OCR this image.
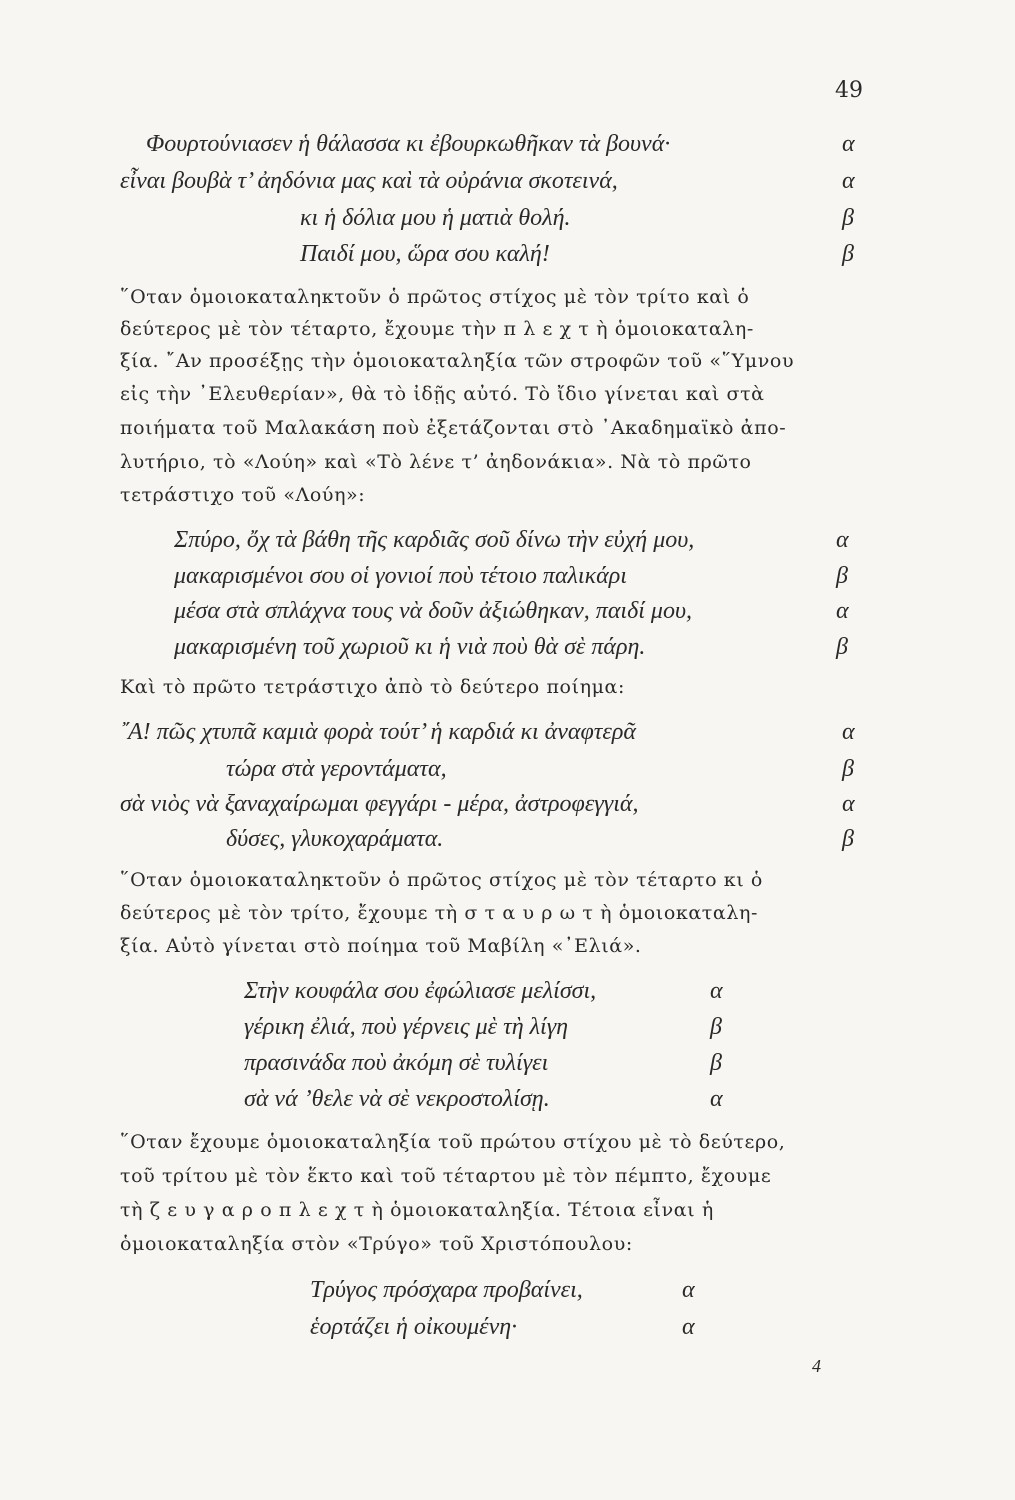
49
Φουρτούνιασεν ἡ θάλασσα κι ἐβουρκωθῆκαν τὰ βουνά·	α
εἶναι βουβὰ τ’ ἀηδόνια μας καὶ τὰ οὐράνια σκοτεινά,	α
κι ἡ δόλια μου ἡ ματιὰ θολή.	β
Παιδί μου, ὥρα σου καλή!	β
῞Οταν ὁμοιοκαταληκτοῦν ὁ πρῶτος στίχος μὲ τὸν τρίτο καὶ ὁ
δεύτερος μὲ τὸν τέταρτο, ἔχουμε τὴν π λ ε χ τ ὴ ὁμοιοκαταλη-
ξία. ῎Αν προσέξῃς τὴν ὁμοιοκαταληξία τῶν στροφῶν τοῦ «῞Υμνου
εἰς τὴν ᾿Ελευθερίαν», θὰ τὸ ἰδῇς αὐτό. Τὸ ἴδιο γίνεται καὶ στὰ
ποιήματα τοῦ Μαλακάση ποὺ ἐξετάζονται στὸ ᾿Ακαδημαϊκὸ ἀπο-
λυτήριο, τὸ «Λούη» καὶ «Τὸ λένε τ’ ἀηδονάκια». Νὰ τὸ πρῶτο
τετράστιχο τοῦ «Λούη»:
Σπύρο, ὄχ τὰ βάθη τῆς καρδιᾶς σοῦ δίνω τὴν εὐχή μου,	α
μακαρισμένοι σου οἱ γονιοί ποὺ τέτοιο παλικάρι	β
μέσα στὰ σπλάχνα τους νὰ δοῦν ἀξιώθηκαν, παιδί μου,	α
μακαρισμένη τοῦ χωριοῦ κι ἡ νιὰ ποὺ θὰ σὲ πάρη.	β
Καὶ τὸ πρῶτο τετράστιχο ἀπὸ τὸ δεύτερο ποίημα:
῎Α! πῶς χτυπᾶ καμιὰ φορὰ τούτ’ ἡ καρδιά κι ἀναφτερᾶ	α
τώρα στὰ γεροντάματα,	β
σὰ νιὸς νὰ ξαναχαίρωμαι φεγγάρι - μέρα, ἀστροφεγγιά,	α
δύσες, γλυκοχαράματα.	β
῞Οταν ὁμοιοκαταληκτοῦν ὁ πρῶτος στίχος μὲ τὸν τέταρτο κι ὁ
δεύτερος μὲ τὸν τρίτο, ἔχουμε τὴ σ τ α υ ρ ω τ ὴ ὁμοιοκαταλη-
ξία. Αὐτὸ γίνεται στὸ ποίημα τοῦ Μαβίλη «᾿Ελιά».
Στὴν κουφάλα σου ἐφώλιασε μελίσσι,	α
γέρικη ἐλιά, ποὺ γέρνεις μὲ τὴ λίγη	β
πρασινάδα ποὺ ἀκόμη σὲ τυλίγει	β
σὰ νά ’θελε νὰ σὲ νεκροστολίσῃ.	α
῞Οταν ἔχουμε ὁμοιοκαταληξία τοῦ πρώτου στίχου μὲ τὸ δεύτερο,
τοῦ τρίτου μὲ τὸν ἕκτο καὶ τοῦ τέταρτου μὲ τὸν πέμπτο, ἔχουμε
τὴ ζ ε υ γ α ρ ο π λ ε χ τ ὴ ὁμοιοκαταληξία. Τέτοια εἶναι ἡ
ὁμοιοκαταληξία στὸν «Τρύγο» τοῦ Χριστόπουλου:
Τρύγος πρόσχαρα προβαίνει,	α
ἑορτάζει ἡ οἰκουμένη·	α
4
